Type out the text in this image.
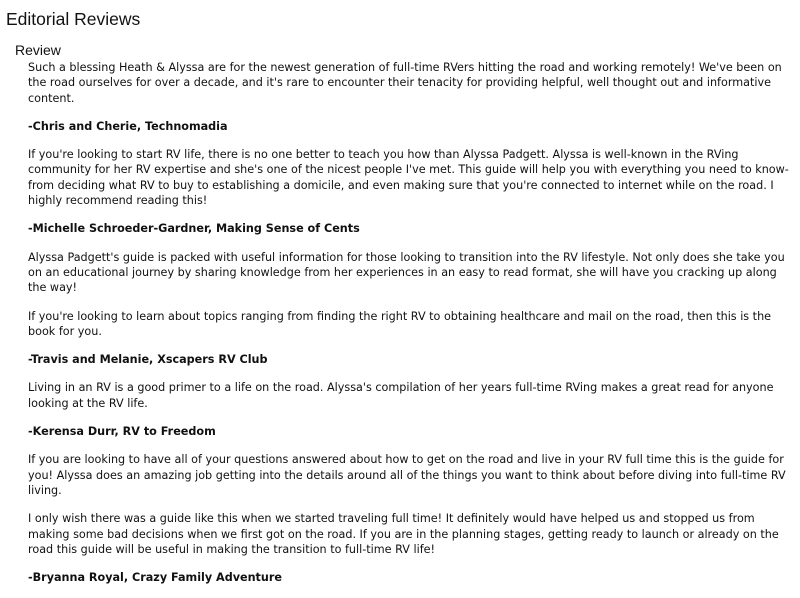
Editorial Reviews
Review

Such a blessing Heath & Alyssa are for the newest generation of full-time RVers hitting the road and working remotely! We've been on the road ourselves for over a decade, and it's rare to encounter their tenacity for providing helpful, well thought out and informative content.

-Chris and Cherie, Technomadia

If you're looking to start RV life, there is no one better to teach you how than Alyssa Padgett. Alyssa is well-known in the RVing community for her RV expertise and she's one of the nicest people I've met. This guide will help you with everything you need to know- from deciding what RV to buy to establishing a domicile, and even making sure that you're connected to internet while on the road. I highly recommend reading this!

-Michelle Schroeder-Gardner, Making Sense of Cents

Alyssa Padgett's guide is packed with useful information for those looking to transition into the RV lifestyle. Not only does she take you on an educational journey by sharing knowledge from her experiences in an easy to read format, she will have you cracking up along the way!

If you're looking to learn about topics ranging from finding the right RV to obtaining healthcare and mail on the road, then this is the book for you.

-Travis and Melanie, Xscapers RV Club

Living in an RV is a good primer to a life on the road. Alyssa's compilation of her years full-time RVing makes a great read for anyone looking at the RV life.

-Kerensa Durr, RV to Freedom

If you are looking to have all of your questions answered about how to get on the road and live in your RV full time this is the guide for you! Alyssa does an amazing job getting into the details around all of the things you want to think about before diving into full-time RV living.

I only wish there was a guide like this when we started traveling full time! It definitely would have helped us and stopped us from making some bad decisions when we first got on the road. If you are in the planning stages, getting ready to launch or already on the road this guide will be useful in making the transition to full-time RV life!

-Bryanna Royal, Crazy Family Adventure
